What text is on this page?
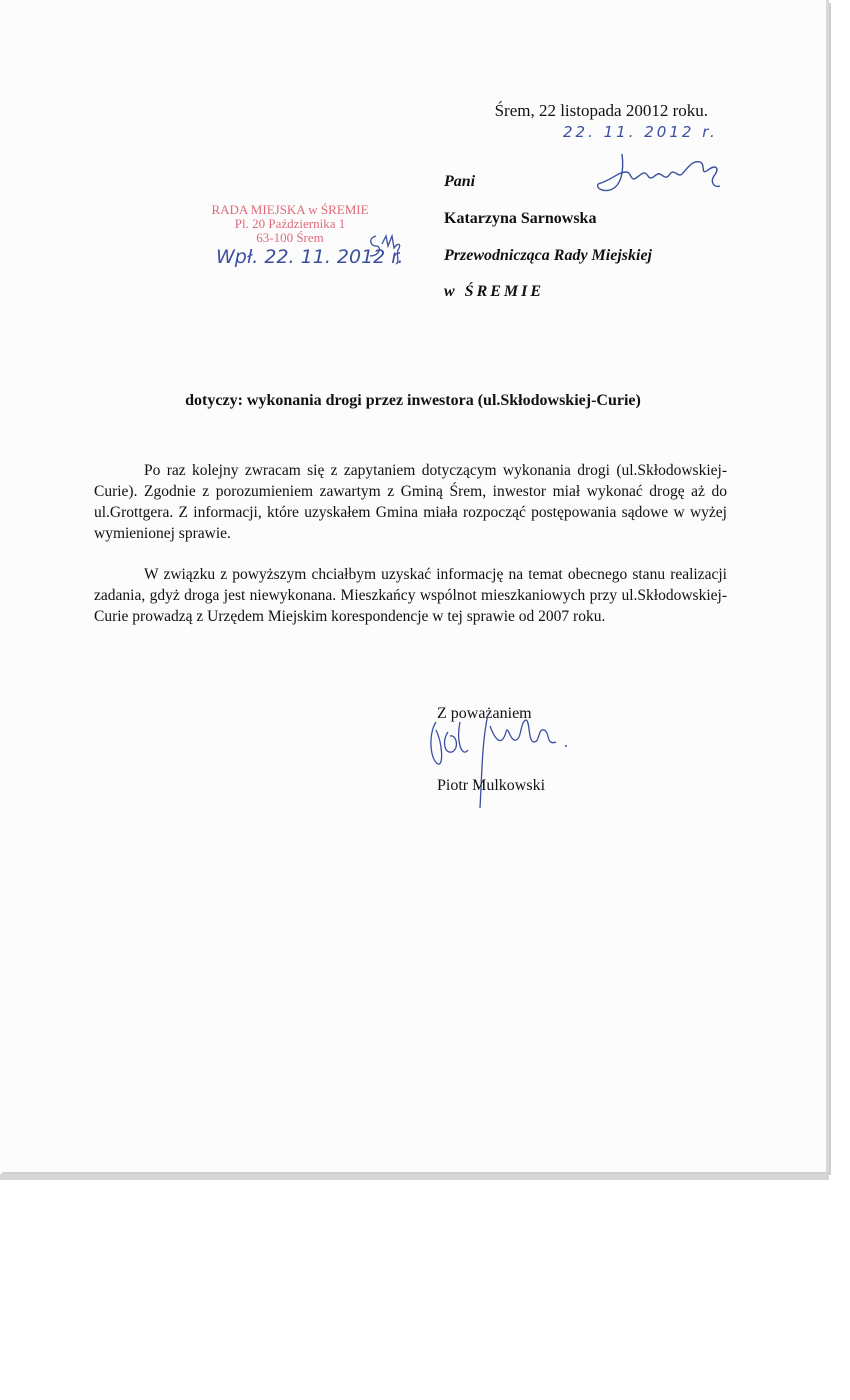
Śrem, 22 listopada 20012 roku.
22. 11. 2012 r.
Pani
Katarzyna Sarnowska
Przewodnicząca Rady Miejskiej
w ŚREMIE
RADA MIEJSKA w ŚREMIE
Pl. 20 Października 1
63-100 Śrem
Wpł. 22. 11. 2012 r.
dotyczy: wykonania drogi przez inwestora (ul.Skłodowskiej-Curie)
Po raz kolejny zwracam się z zapytaniem dotyczącym wykonania drogi (ul.Skłodowskiej-Curie). Zgodnie z porozumieniem zawartym z Gminą Śrem, inwestor miał wykonać drogę aż do ul.Grottgera. Z informacji, które uzyskałem Gmina miała rozpocząć postępowania sądowe w wyżej wymienionej sprawie.
W związku z powyższym chciałbym uzyskać informację na temat obecnego stanu realizacji zadania, gdyż droga jest niewykonana. Mieszkańcy wspólnot mieszkaniowych przy ul.Skłodowskiej-Curie prowadzą z Urzędem Miejskim korespondencje w tej sprawie od 2007 roku.
Z poważaniem
Piotr Mulkowski
